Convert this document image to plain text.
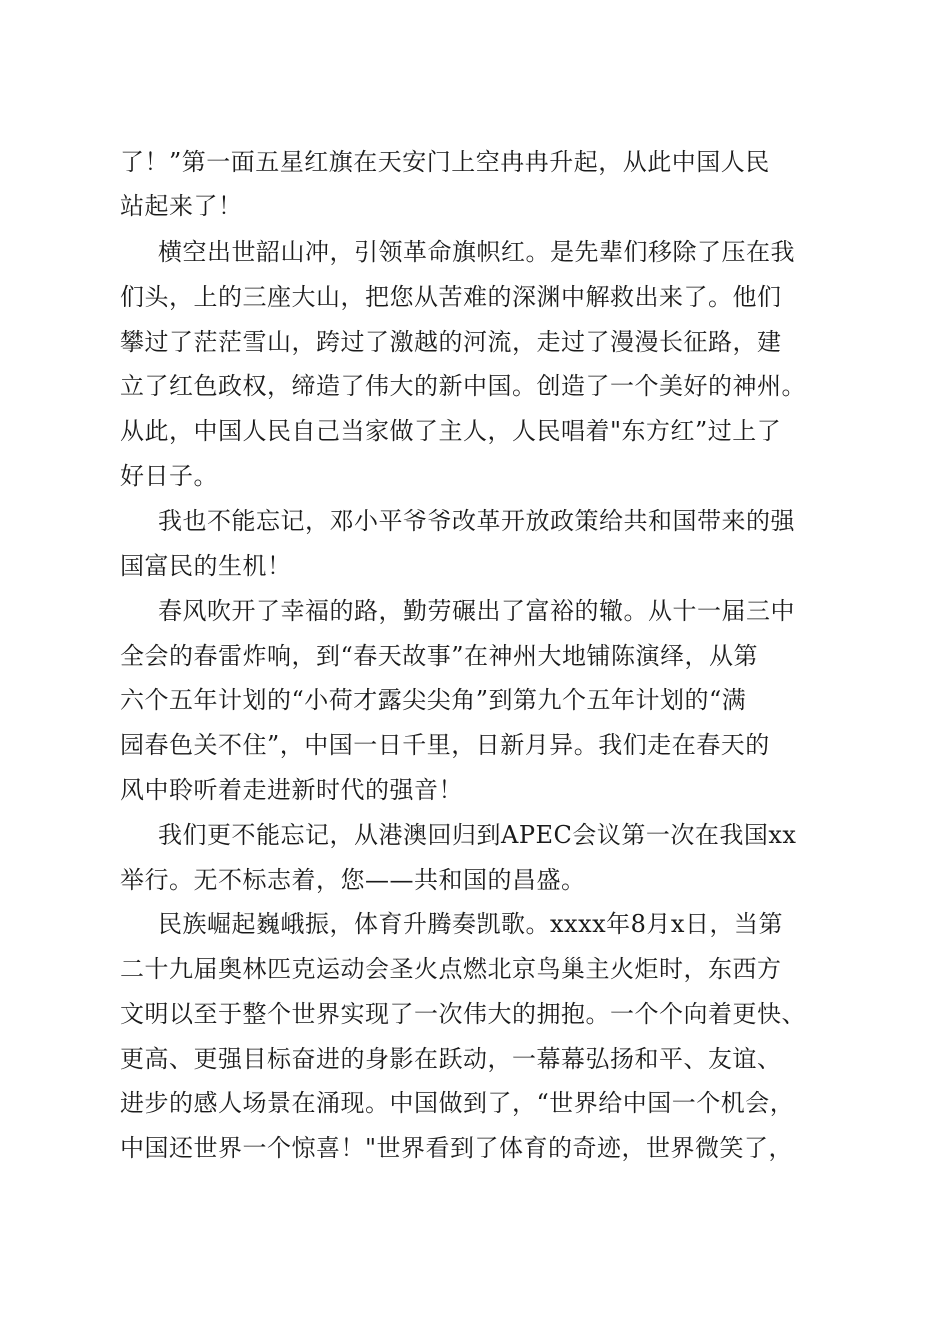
了！”第一面五星红旗在天安门上空冉冉升起，从此中国人民
站起来了！
横空出世韶山冲，引领革命旗帜红。是先辈们移除了压在我
们头，上的三座大山，把您从苦难的深渊中解救出来了。他们
攀过了茫茫雪山，跨过了激越的河流，走过了漫漫长征路，建
立了红色政权，缔造了伟大的新中国。创造了一个美好的神州。
从此，中国人民自己当家做了主人，人民唱着"东方红”过上了
好日子。
我也不能忘记，邓小平爷爷改革开放政策给共和国带来的强
国富民的生机！
春风吹开了幸福的路，勤劳碾出了富裕的辙。从十一届三中
全会的春雷炸响，到“春天故事”在神州大地铺陈演绎，从第
六个五年计划的“小荷才露尖尖角”到第九个五年计划的“满
园春色关不住”，中国一日千里，日新月异。我们走在春天的
风中聆听着走进新时代的强音！
我们更不能忘记，从港澳回归到APEC会议第一次在我国xx
举行。无不标志着，您——共和国的昌盛。
民族崛起巍峨振，体育升腾奏凯歌。xxxx年8月x日，当第
二十九届奥林匹克运动会圣火点燃北京鸟巢主火炬时，东西方
文明以至于整个世界实现了一次伟大的拥抱。一个个向着更快、
更高、更强目标奋进的身影在跃动，一幕幕弘扬和平、友谊、
进步的感人场景在涌现。中国做到了，“世界给中国一个机会，
中国还世界一个惊喜！"世界看到了体育的奇迹，世界微笑了，
